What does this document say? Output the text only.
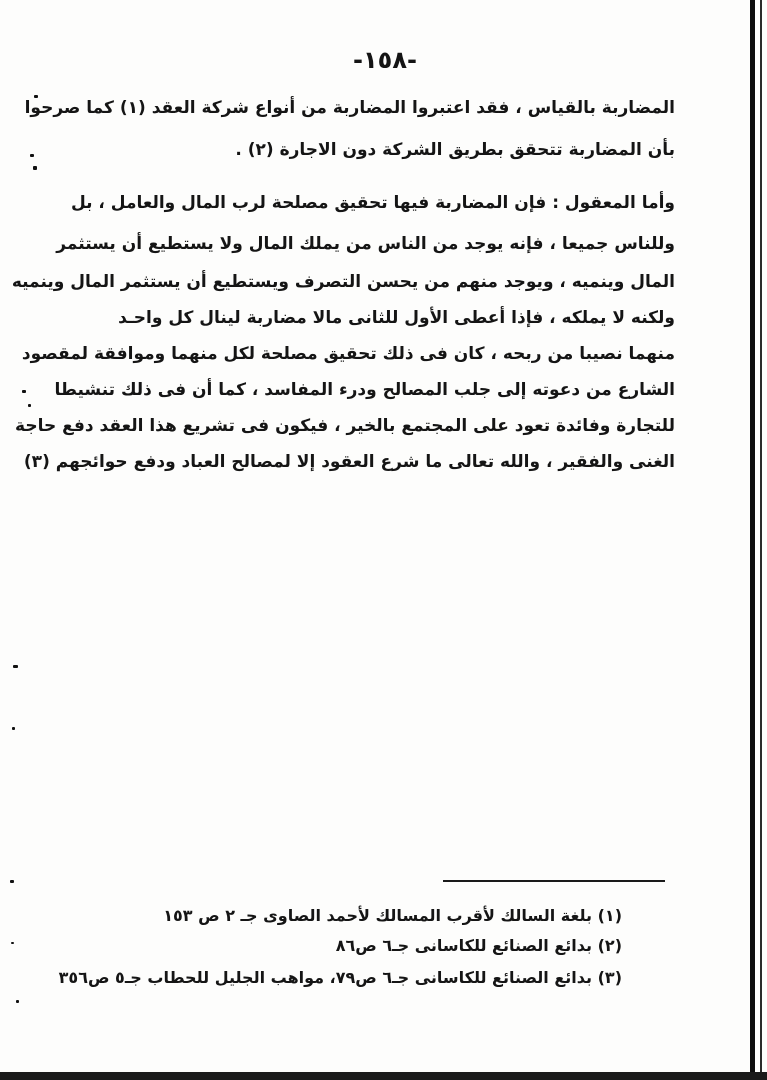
-١٥٨-
المضاربة بالقياس ، فقد اعتبروا المضاربة من أنواع شركة العقد (١) كما صرحوا
بأن المضاربة تتحقق بطريق الشركة دون الاجارة (٢) .
وأما المعقول : فإن المضاربة فيها تحقيق مصلحة لرب المال والعامل ، بل
وللناس جميعا ، فإنه يوجد من الناس من يملك المال ولا يستطيع أن يستثمر
المال وينميه ، ويوجد منهم من يحسن التصرف ويستطيع أن يستثمر المال وينميه
ولكنه لا يملكه ، فإذا أعطى الأول للثانى مالا مضاربة لينال كل واحـد
منهما نصيبا من ربحه ، كان فى ذلك تحقيق مصلحة لكل منهما وموافقة لمقصود
الشارع من دعوته إلى جلب المصالح ودرء المفاسد ، كما أن فى ذلك تنشيطا
للتجارة وفائدة تعود على المجتمع بالخير ، فيكون فى تشريع هذا العقد دفع حاجة
الغنى والفقير ، والله تعالى ما شرع العقود إلا لمصالح العباد ودفع حوائجهم (٣)
(١) بلغة السالك لأقرب المسالك لأحمد الصاوى جـ ٢ ص ١٥٣
(٢) بدائع الصنائع للكاسانى جـ٦ ص٨٦
(٣) بدائع الصنائع للكاسانى جـ٦ ص٧٩، مواهب الجليل للحطاب جـ٥ ص٣٥٦
